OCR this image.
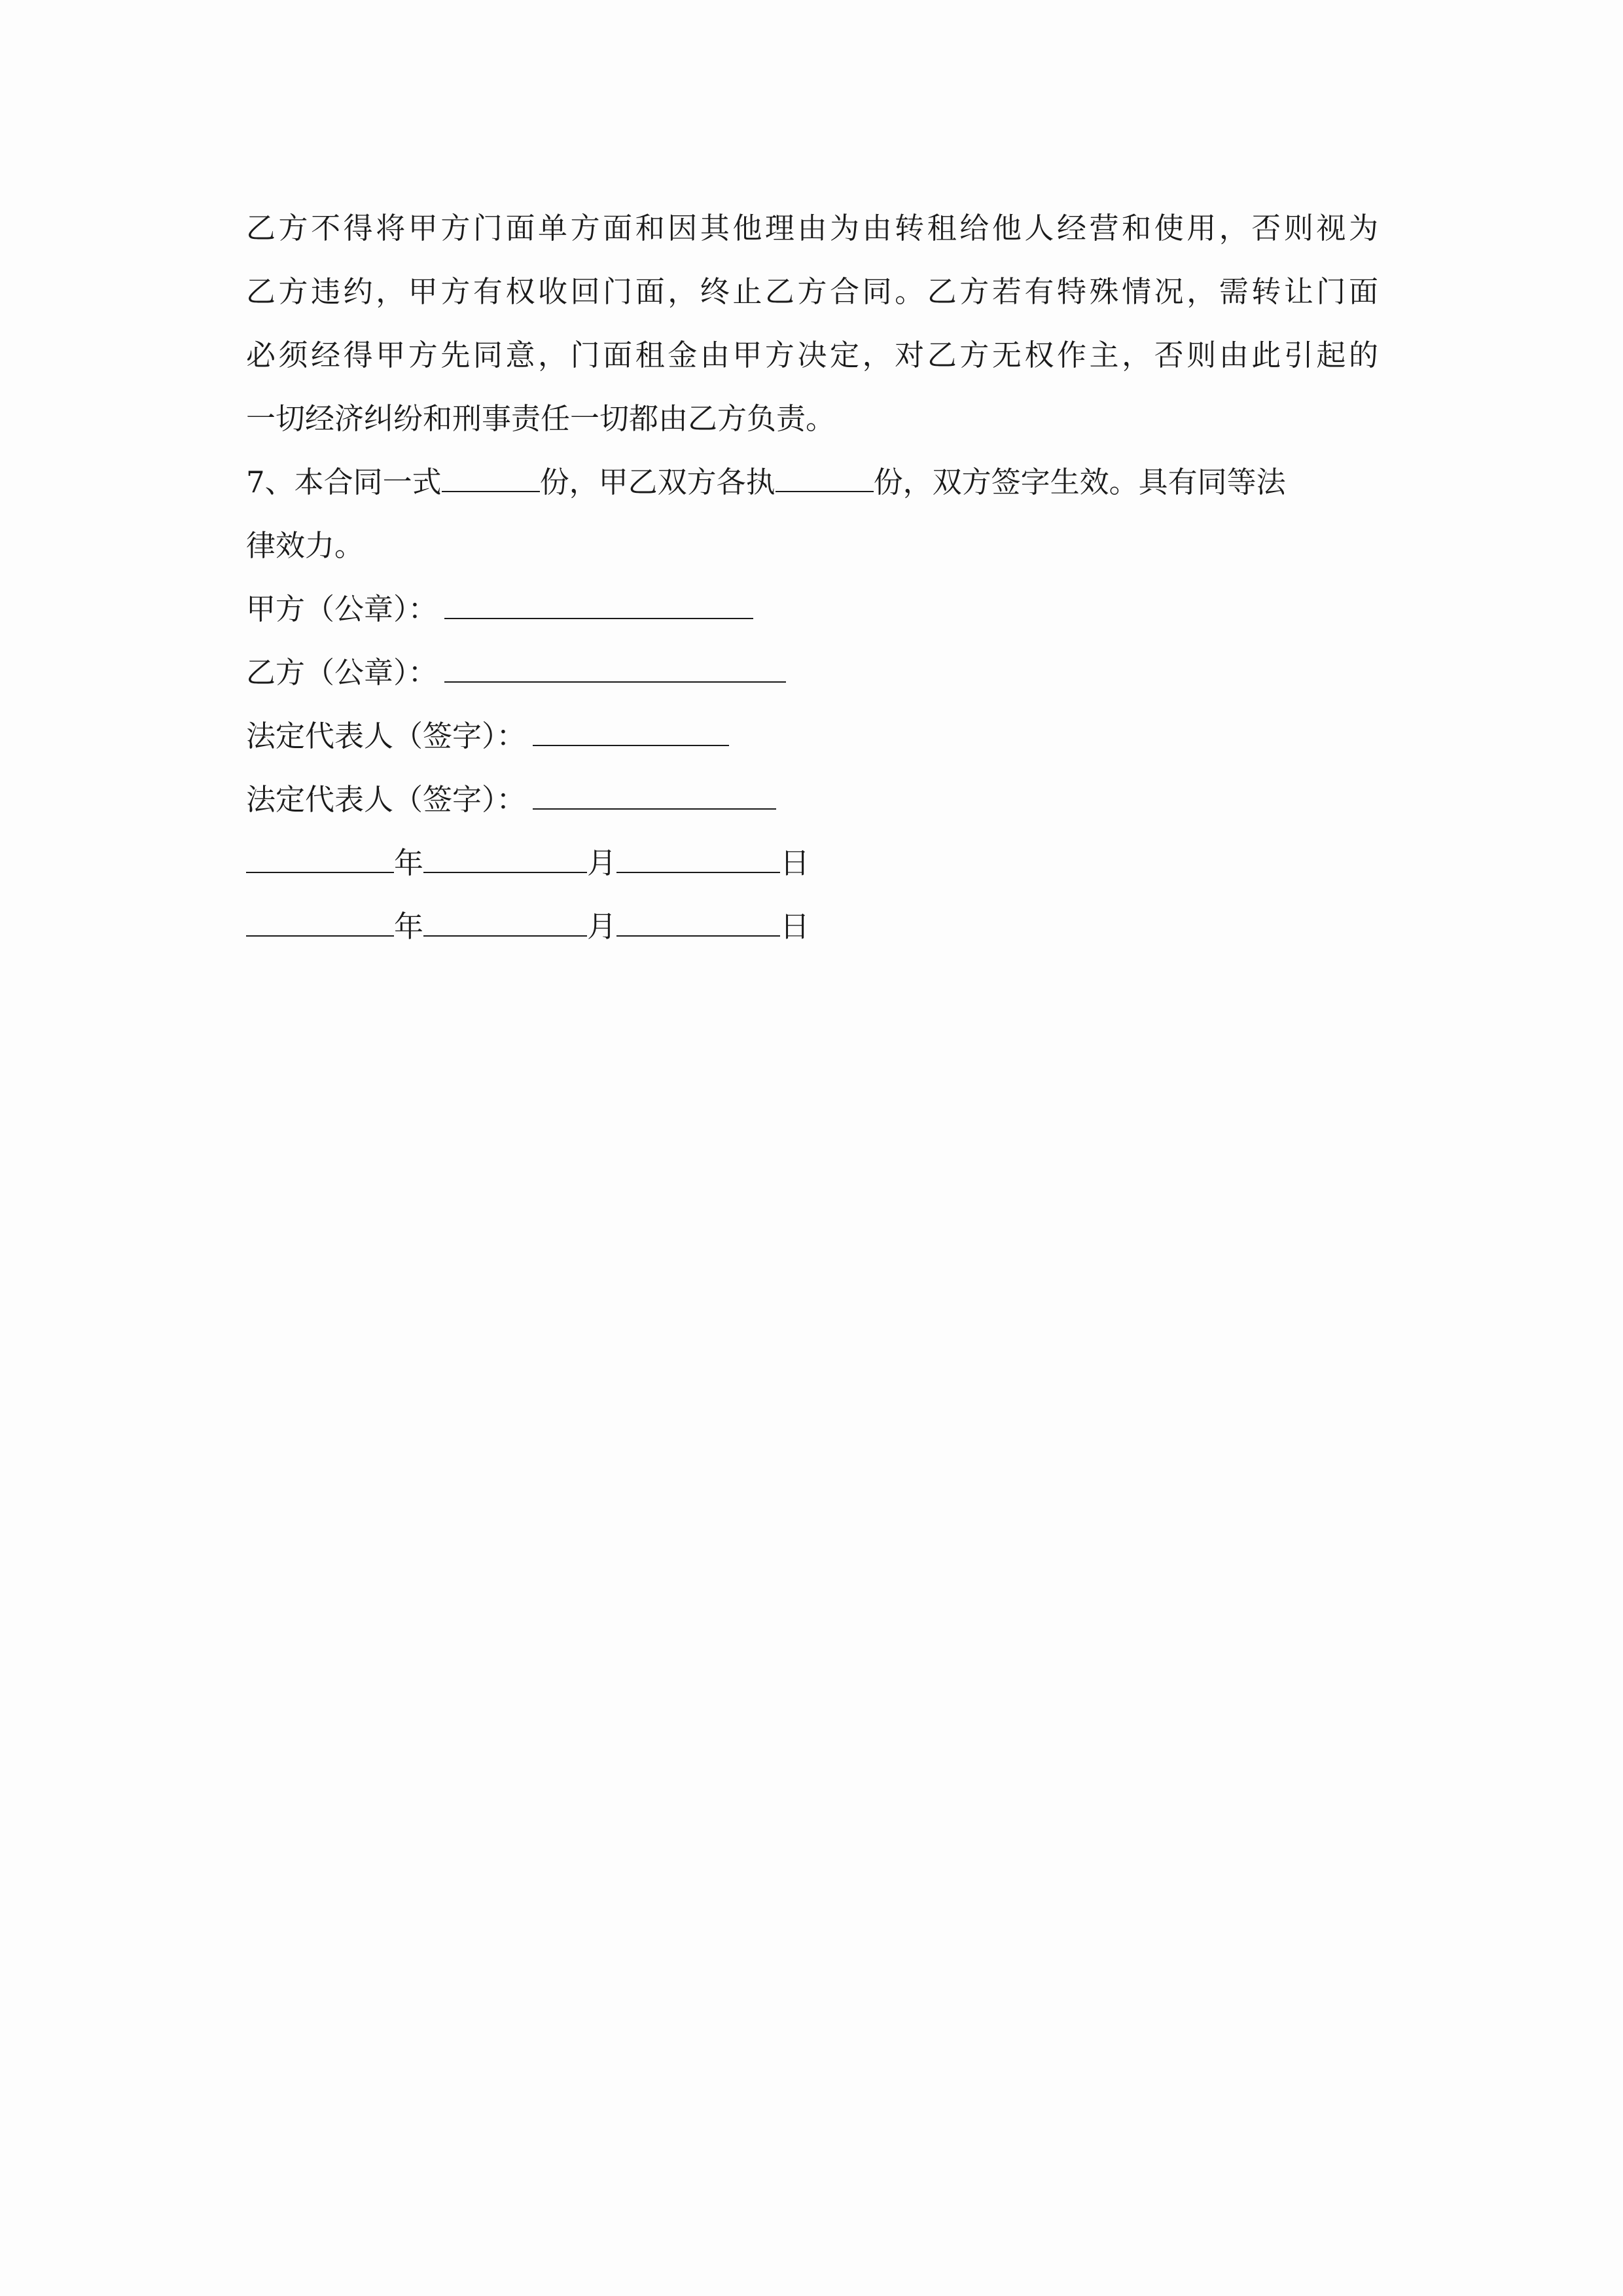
乙方不得将甲方门面单方面和因其他理由为由转租给他人经营和使用，否则视为
乙方违约，甲方有权收回门面，终止乙方合同。乙方若有特殊情况，需转让门面
必须经得甲方先同意，门面租金由甲方决定，对乙方无权作主，否则由此引起的
一切经济纠纷和刑事责任一切都由乙方负责。
7、本合同一式	份，甲乙双方各执	份，双方签字生效。具有同等法
律效力。
甲方（公章）：
乙方（公章）：
法定代表人（签字）：
法定代表人（签字）：
年	月	日
年	月	日
